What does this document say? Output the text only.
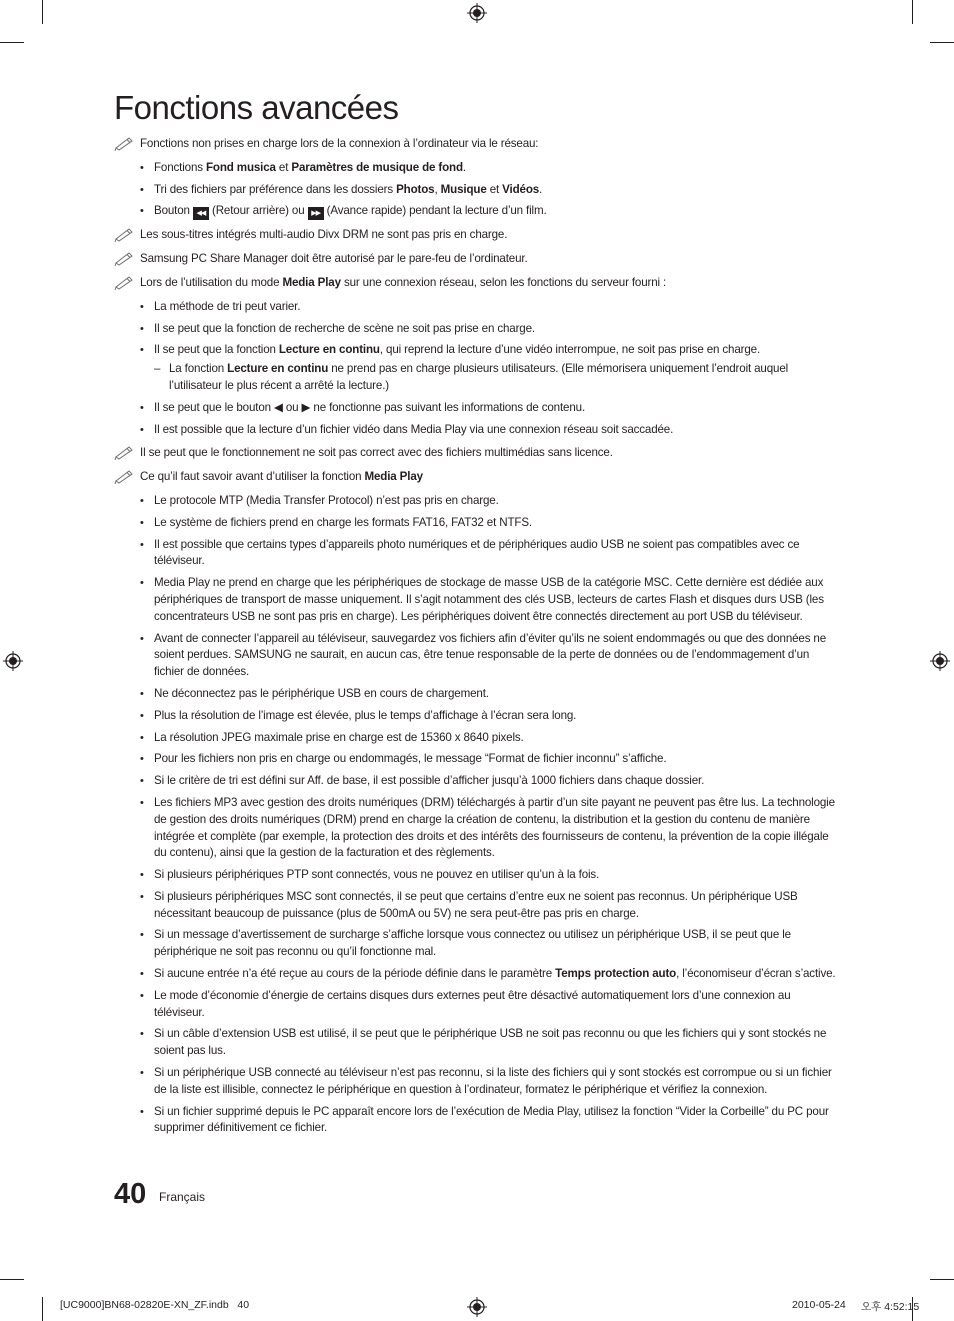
Fonctions avancées
Fonctions non prises en charge lors de la connexion à l’ordinateur via le réseau:
• Fonctions Fond musica et Paramètres de musique de fond.
• Tri des fichiers par préférence dans les dossiers Photos, Musique et Vidéos.
• Bouton ◀◀ (Retour arrière) ou ▶▶ (Avance rapide) pendant la lecture d’un film.
Les sous-titres intégrés multi-audio Divx DRM ne sont pas pris en charge.
Samsung PC Share Manager doit être autorisé par le pare-feu de l’ordinateur.
Lors de l’utilisation du mode Media Play sur une connexion réseau, selon les fonctions du serveur fourni :
• La méthode de tri peut varier.
• Il se peut que la fonction de recherche de scène ne soit pas prise en charge.
• Il se peut que la fonction Lecture en continu, qui reprend la lecture d’une vidéo interrompue, ne soit pas prise en charge.
– La fonction Lecture en continu ne prend pas en charge plusieurs utilisateurs. (Elle mémorisera uniquement l’endroit auquel l’utilisateur le plus récent a arrêté la lecture.)
• Il se peut que le bouton ◀ ou ▶ ne fonctionne pas suivant les informations de contenu.
• Il est possible que la lecture d’un fichier vidéo dans Media Play via une connexion réseau soit saccadée.
Il se peut que le fonctionnement ne soit pas correct avec des fichiers multimédias sans licence.
Ce qu’il faut savoir avant d’utiliser la fonction Media Play
• Le protocole MTP (Media Transfer Protocol) n’est pas pris en charge.
• Le système de fichiers prend en charge les formats FAT16, FAT32 et NTFS.
• Il est possible que certains types d’appareils photo numériques et de périphériques audio USB ne soient pas compatibles avec ce téléviseur.
• Media Play ne prend en charge que les périphériques de stockage de masse USB de la catégorie MSC. Cette dernière est dédiée aux périphériques de transport de masse uniquement. Il s’agit notamment des clés USB, lecteurs de cartes Flash et disques durs USB (les concentrateurs USB ne sont pas pris en charge). Les périphériques doivent être connectés directement au port USB du téléviseur.
• Avant de connecter l’appareil au téléviseur, sauvegardez vos fichiers afin d’éviter qu’ils ne soient endommagés ou que des données ne soient perdues. SAMSUNG ne saurait, en aucun cas, être tenue responsable de la perte de données ou de l’endommagement d’un fichier de données.
• Ne déconnectez pas le périphérique USB en cours de chargement.
• Plus la résolution de l’image est élevée, plus le temps d’affichage à l’écran sera long.
• La résolution JPEG maximale prise en charge est de 15360 x 8640 pixels.
• Pour les fichiers non pris en charge ou endommagés, le message “Format de fichier inconnu” s’affiche.
• Si le critère de tri est défini sur Aff. de base, il est possible d’afficher jusqu’à 1000 fichiers dans chaque dossier.
• Les fichiers MP3 avec gestion des droits numériques (DRM) téléchargés à partir d’un site payant ne peuvent pas être lus. La technologie de gestion des droits numériques (DRM) prend en charge la création de contenu, la distribution et la gestion du contenu de manière intégrée et complète (par exemple, la protection des droits et des intérêts des fournisseurs de contenu, la prévention de la copie illégale du contenu), ainsi que la gestion de la facturation et des règlements.
• Si plusieurs périphériques PTP sont connectés, vous ne pouvez en utiliser qu’un à la fois.
• Si plusieurs périphériques MSC sont connectés, il se peut que certains d’entre eux ne soient pas reconnus. Un périphérique USB nécessitant beaucoup de puissance (plus de 500mA ou 5V) ne sera peut-être pas pris en charge.
• Si un message d’avertissement de surcharge s’affiche lorsque vous connectez ou utilisez un périphérique USB, il se peut que le périphérique ne soit pas reconnu ou qu’il fonctionne mal.
• Si aucune entrée n’a été reçue au cours de la période définie dans le paramètre Temps protection auto, l’économiseur d’écran s’active.
• Le mode d’économie d’énergie de certains disques durs externes peut être désactivé automatiquement lors d’une connexion au téléviseur.
• Si un câble d’extension USB est utilisé, il se peut que le périphérique USB ne soit pas reconnu ou que les fichiers qui y sont stockés ne soient pas lus.
• Si un périphérique USB connecté au téléviseur n’est pas reconnu, si la liste des fichiers qui y sont stockés est corrompue ou si un fichier de la liste est illisible, connectez le périphérique en question à l’ordinateur, formatez le périphérique et vérifiez la connexion.
• Si un fichier supprimé depuis le PC apparaît encore lors de l’exécution de Media Play, utilisez la fonction “Vider la Corbeille” du PC pour supprimer définitivement ce fichier.
40 Français
[UC9000]BN68-02820E-XN_ZF.indb   40	2010-05-24 오후 4:52:15
